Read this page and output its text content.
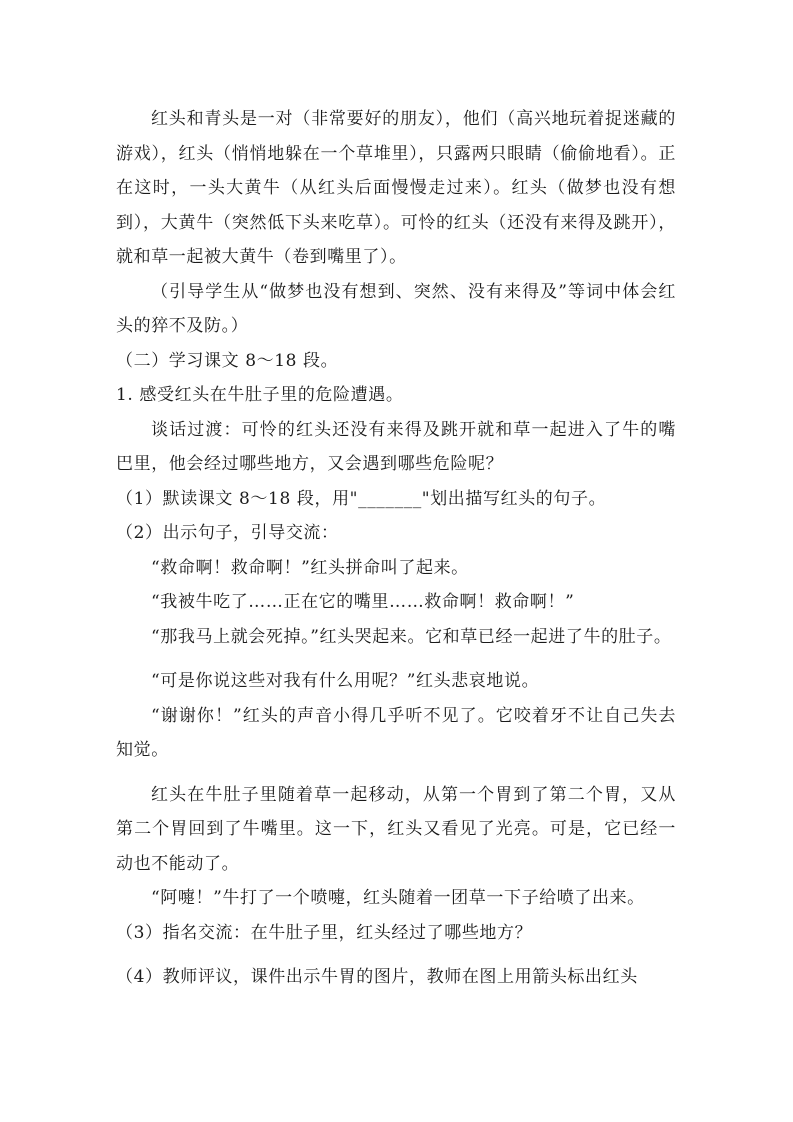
红头和青头是一对（非常要好的朋友），他们（高兴地玩着捉迷藏的游戏），红头（悄悄地躲在一个草堆里），只露两只眼睛（偷偷地看）。正在这时，一头大黄牛（从红头后面慢慢走过来）。红头（做梦也没有想到），大黄牛（突然低下头来吃草）。可怜的红头（还没有来得及跳开），就和草一起被大黄牛（卷到嘴里了）。

（引导学生从“做梦也没有想到、突然、没有来得及”等词中体会红头的猝不及防。）

（二）学习课文 8～18 段。

1. 感受红头在牛肚子里的危险遭遇。

谈话过渡：可怜的红头还没有来得及跳开就和草一起进入了牛的嘴巴里，他会经过哪些地方，又会遇到哪些危险呢？

（1）默读课文 8～18 段，用"_______"划出描写红头的句子。

（2）出示句子，引导交流：

“救命啊！救命啊！”红头拼命叫了起来。

“我被牛吃了……正在它的嘴里……救命啊！救命啊！”

“那我马上就会死掉。”红头哭起来。它和草已经一起进了牛的肚子。

“可是你说这些对我有什么用呢？”红头悲哀地说。

“谢谢你！”红头的声音小得几乎听不见了。它咬着牙不让自己失去知觉。

红头在牛肚子里随着草一起移动，从第一个胃到了第二个胃，又从第二个胃回到了牛嘴里。这一下，红头又看见了光亮。可是，它已经一动也不能动了。

“阿嚏！”牛打了一个喷嚏，红头随着一团草一下子给喷了出来。

（3）指名交流：在牛肚子里，红头经过了哪些地方？

（4）教师评议，课件出示牛胃的图片，教师在图上用箭头标出红头
